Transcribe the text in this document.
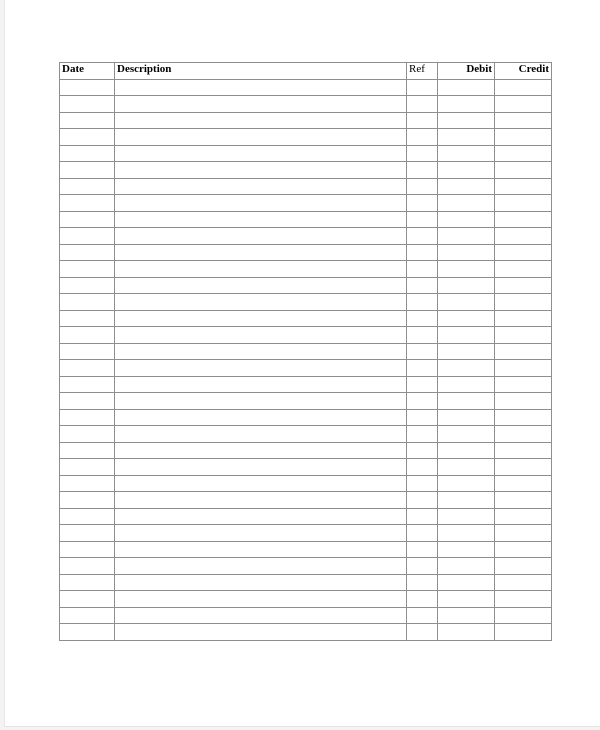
Date	Description	Ref	Debit	Credit
